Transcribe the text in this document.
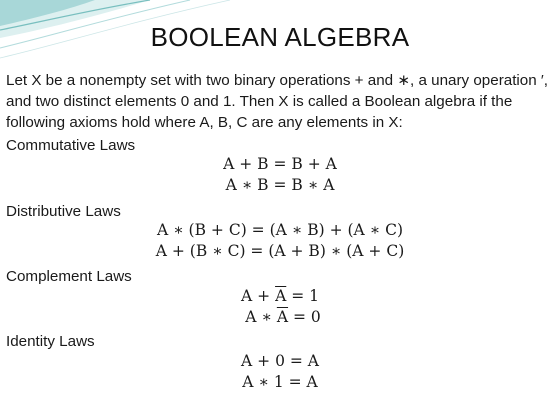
BOOLEAN ALGEBRA
Let X be a nonempty set with two binary operations + and ∗, a unary operation ′, and two distinct elements 0 and 1. Then X is called a Boolean algebra if the following axioms hold where A, B, C are any elements in X:
Commutative Laws
A + B = B + A
A ∗ B = B ∗ A
Distributive Laws
A ∗ (B + C) = (A ∗ B) + (A ∗ C)
A + (B ∗ C) = (A + B) ∗ (A + C)
Complement Laws
$A + \overline{A} = 1$
A ∗ $\overline{A} = 0$
Identity Laws
A + 0 = A
A ∗ 1 = A
